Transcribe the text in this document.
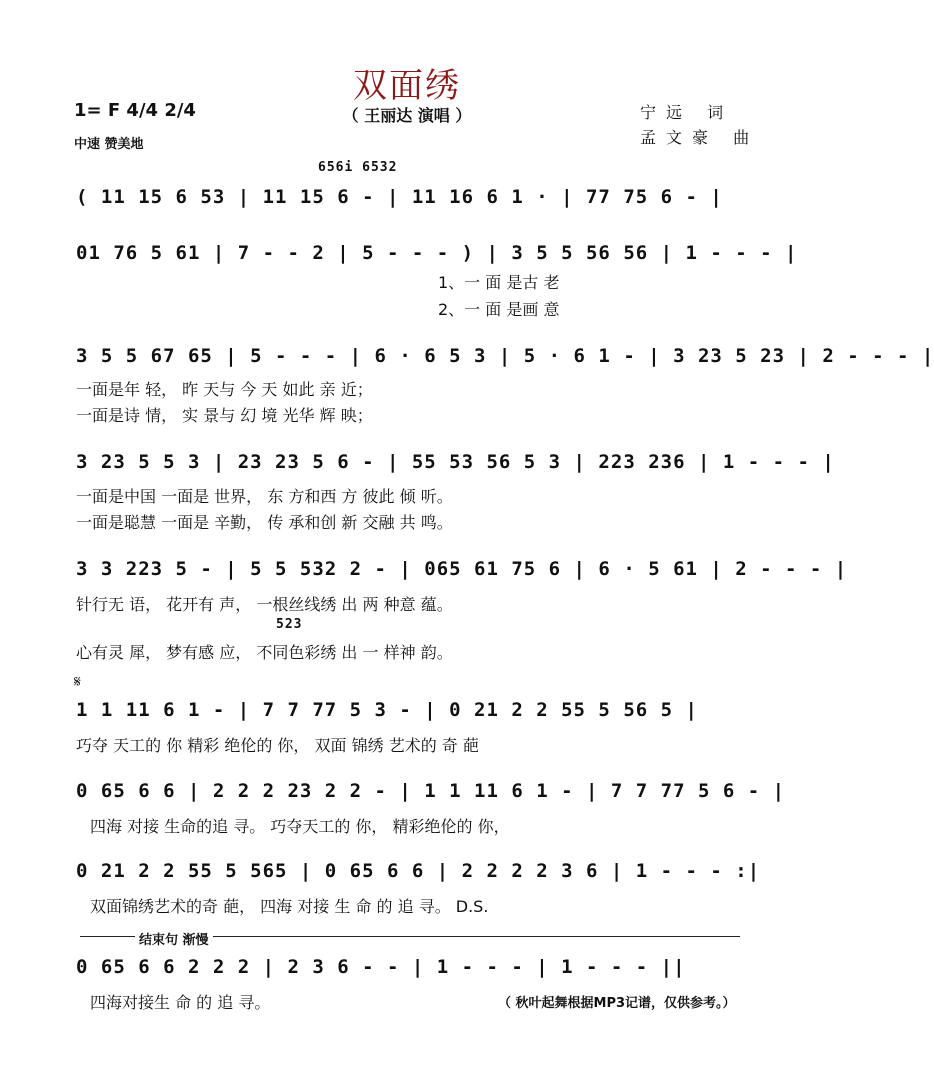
双面绣
（ 王丽达 演唱 ）
1= F 4/4 2/4
中速 赞美地
宁远 词
孟文豪 曲
656i 6532
( 11 15 6 53 | 11 15 6 - | 11 16 6 1 · | 77 75 6 - |
01 76 5 61 | 7 - - 2 | 5 - - - ) | 3 5 5 56 56 | 1 - - - |
1、一 面 是古 老
2、一 面 是画 意
3 5 5 67 65 | 5 - - - | 6 · 6 5 3 | 5 · 6 1 - | 3 23 5 23 | 2 - - - |
一面是年 轻， 昨 天与 今 天 如此 亲 近；
一面是诗 情， 实 景与 幻 境 光华 辉 映；
3 23 5 5 3 | 23 23 5 6 - | 55 53 56 5 3 | 223 236 | 1 - - - |
一面是中国 一面是 世界， 东 方和西 方 彼此 倾 听。
一面是聪慧 一面是 辛勤， 传 承和创 新 交融 共 鸣。
3 3 223 5 - | 5 5 532 2 - | 065 61 75 6 | 6 · 5 61 | 2 - - - |
针行无 语， 花开有 声， 一根丝线绣 出 两 种意 蕴。
523
心有灵 犀， 梦有感 应， 不同色彩绣 出 一 样神 韵。
𝄋
1 1 11 6 1 - | 7 7 77 5 3 - | 0 21 2 2 55 5 56 5 |
巧夺 天工的 你 精彩 绝伦的 你， 双面 锦绣 艺术的 奇 葩
0 65 6 6 | 2 2 2 23 2 2 - | 1 1 11 6 1 - | 7 7 77 5 6 - |
四海 对接 生命的追 寻。 巧夺天工的 你， 精彩绝伦的 你，
0 21 2 2 55 5 565 | 0 65 6 6 | 2 2 2 2 3 6 | 1 - - - :|
双面锦绣艺术的奇 葩， 四海 对接 生 命 的 追 寻。 D.S.
结束句 渐慢
0 65 6 6 2 2 2 | 2 3 6 - - | 1 - - - | 1 - - - ||
四海对接生 命 的 追 寻。	（ 秋叶起舞根据MP3记谱，仅供参考。）
